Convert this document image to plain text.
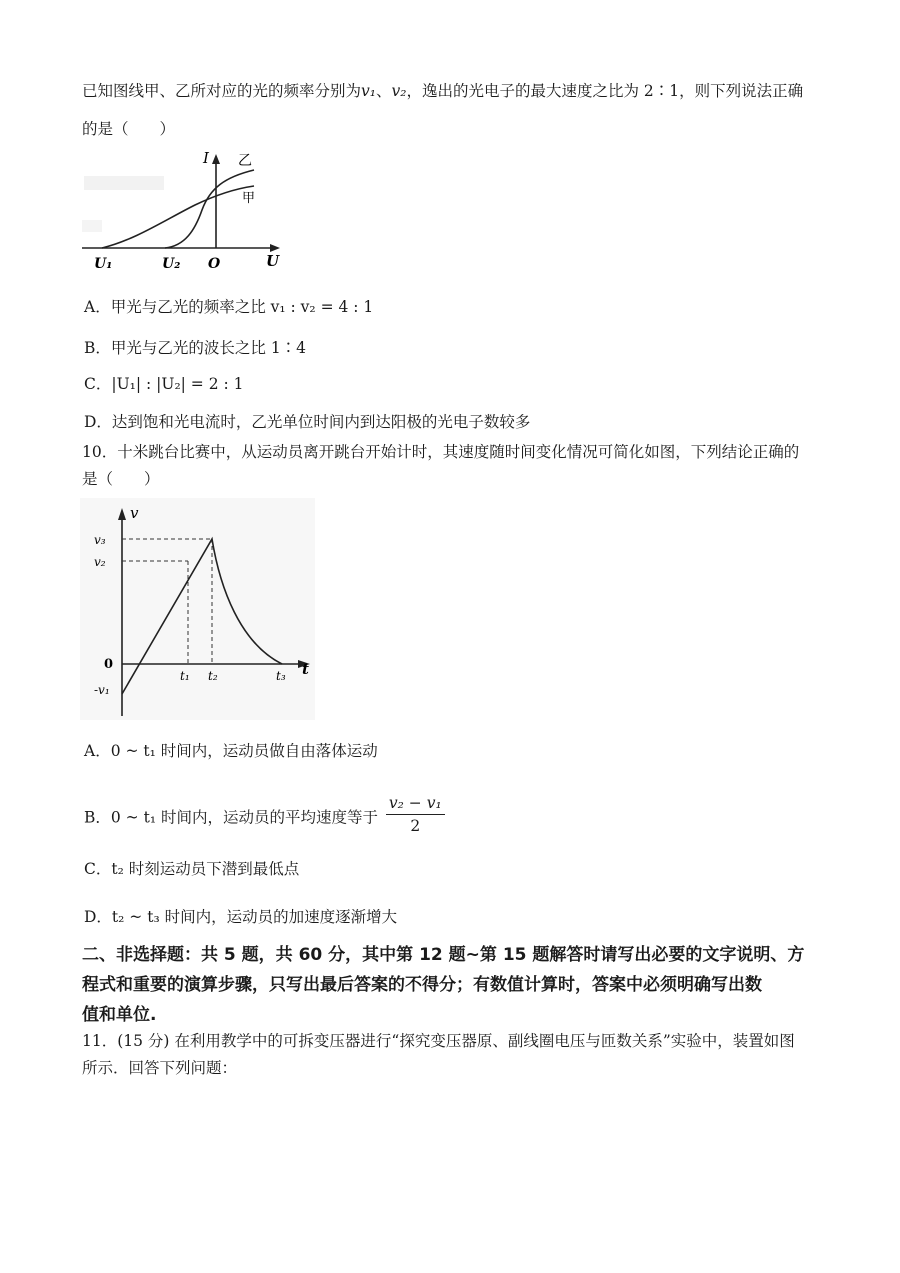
已知图线甲、乙所对应的光的频率分别为v₁、v₂，逸出的光电子的最大速度之比为 2∶1，则下列说法正确
的是（　　）
I 乙
甲
U₁	U₂ O	U
A．甲光与乙光的频率之比 v₁ : v₂ = 4 : 1
B．甲光与乙光的波长之比 1∶4
C．|U₁| : |U₂| = 2 : 1
D．达到饱和光电流时，乙光单位时间内到达阳极的光电子数较多
10．十米跳台比赛中，从运动员离开跳台开始计时，其速度随时间变化情况可简化如图，下列结论正确的
是（　　）
v
v₃
v₂
0
-v₁
t₁ t₂	t₃ t
A．0 ~ t₁ 时间内，运动员做自由落体运动
B．0 ~ t₁ 时间内，运动员的平均速度等于 $\frac{\text{v₂ − v₁}}{2}$
C．t₂ 时刻运动员下潜到最低点
D．t₂ ~ t₃ 时间内，运动员的加速度逐渐增大
二、非选择题：共 5 题，共 60 分，其中第 12 题~第 15 题解答时请写出必要的文字说明、方
程式和重要的演算步骤，只写出最后答案的不得分；有数值计算时，答案中必须明确写出数
值和单位.
11．(15 分) 在利用教学中的可拆变压器进行“探究变压器原、副线圈电压与匝数关系”实验中，装置如图
所示．回答下列问题：
